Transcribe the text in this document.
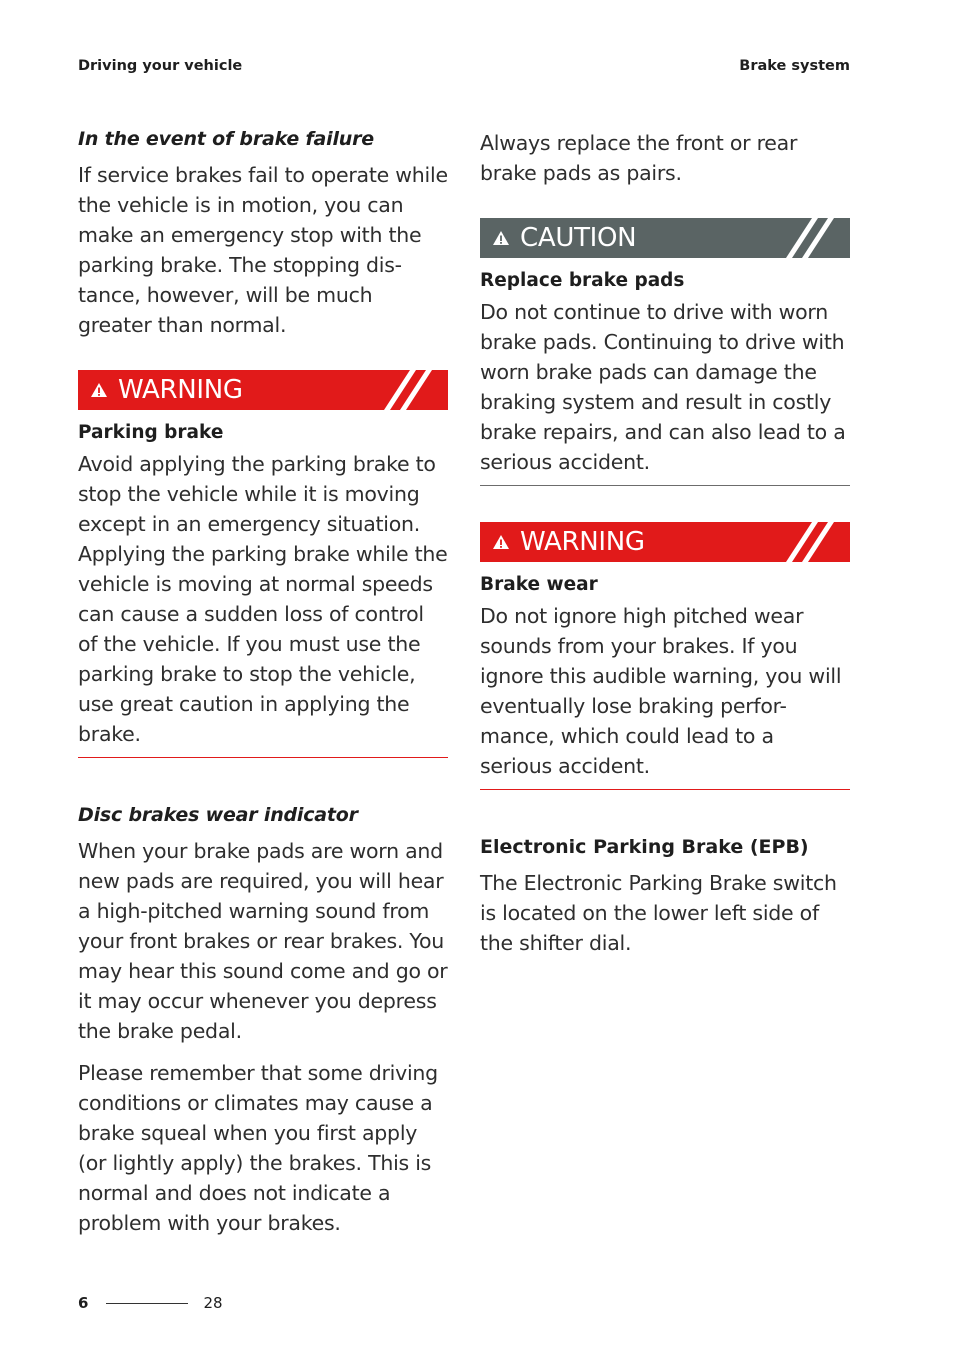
Driving your vehicle	Brake system
In the event of brake failure

If service brakes fail to operate while the vehicle is in motion, you can make an emergency stop with the parking brake. The stopping dis-tance, however, will be much greater than normal.

WARNING
Parking brake

Avoid applying the parking brake to stop the vehicle while it is moving except in an emergency situation. Applying the parking brake while the vehicle is moving at normal speeds can cause a sudden loss of control of the vehicle. If you must use the parking brake to stop the vehicle, use great caution in applying the brake.

Disc brakes wear indicator

When your brake pads are worn and new pads are required, you will hear a high-pitched warning sound from your front brakes or rear brakes. You may hear this sound come and go or it may occur whenever you depress the brake pedal.

Please remember that some driving conditions or climates may cause a brake squeal when you first apply (or lightly apply) the brakes. This is normal and does not indicate a problem with your brakes.

Always replace the front or rear brake pads as pairs.

CAUTION
Replace brake pads

Do not continue to drive with worn brake pads. Continuing to drive with worn brake pads can damage the braking system and result in costly brake repairs, and can also lead to a serious accident.

WARNING
Brake wear

Do not ignore high pitched wear sounds from your brakes. If you ignore this audible warning, you will eventually lose braking perfor-mance, which could lead to a serious accident.

Electronic Parking Brake (EPB)

The Electronic Parking Brake switch is located on the lower left side of the shifter dial.

6	28
